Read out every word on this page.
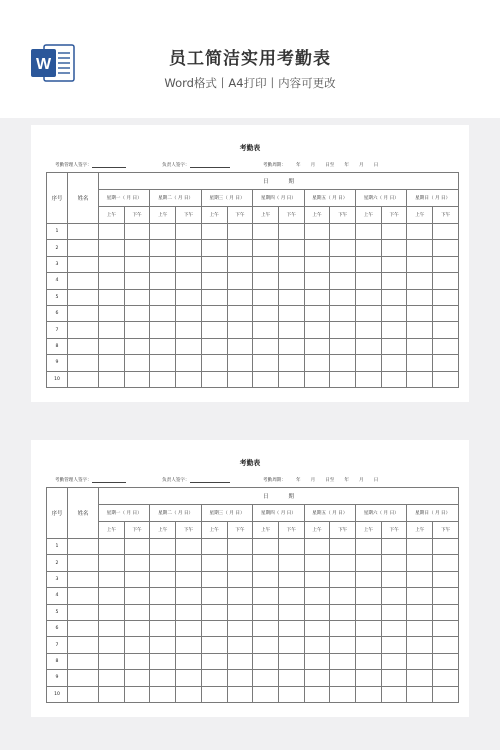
W	员工简洁实用考勤表
Word格式丨A4打印丨内容可更改
考勤表
考勤管理人签字：	负责人签字：	考勤周期： 年 月 日至 年 月 日
序号	姓名	日期													
		星期一（ 月 日）		星期二（ 月 日）		星期三（ 月 日）		星期四（ 月 日）		星期五（ 月 日）		星期六（ 月 日）		星期日（ 月 日）	
		上午	下午	上午	下午	上午	下午	上午	下午	上午	下午	上午	下午	上午	下午
1															
2															
3															
4															
5															
6															
7															
8															
9															
10															
考勤表
考勤管理人签字：	负责人签字：	考勤周期： 年 月 日至 年 月 日
序号	姓名	日期													
		星期一（ 月 日）		星期二（ 月 日）		星期三（ 月 日）		星期四（ 月 日）		星期五（ 月 日）		星期六（ 月 日）		星期日（ 月 日）	
		上午	下午	上午	下午	上午	下午	上午	下午	上午	下午	上午	下午	上午	下午
1															
2															
3															
4															
5															
6															
7															
8															
9															
10															
